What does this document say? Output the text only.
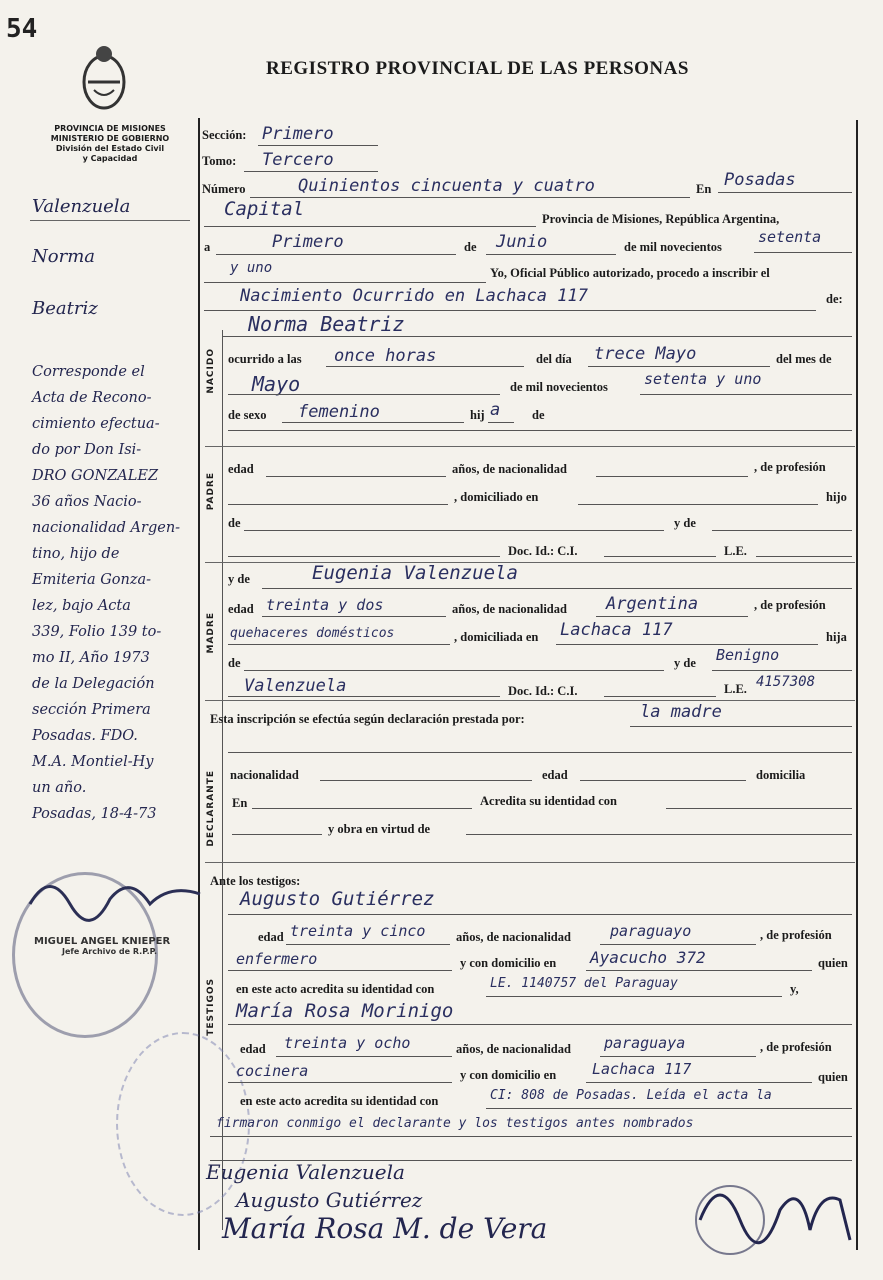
54
REGISTRO PROVINCIAL DE LAS PERSONAS
PROVINCIA DE MISIONES
MINISTERIO DE GOBIERNO
División del Estado Civil
y Capacidad
Valenzuela
Norma
Beatriz
Corresponde el
Acta de Recono-
cimiento efectua-
do por Don Isi-
DRO GONZALEZ
36 años Nacio-
nacionalidad Argen-
tino, hijo de
Emiteria Gonza-
lez, bajo Acta
339, Folio 139 to-
mo II, Año 1973
de la Delegación
sección Primera
Posadas. FDO.
M.A. Montiel-Hy
un año.
Posadas, 18-4-73
MIGUEL ANGEL KNIEPER
Jefe Archivo de R.P.P.
NACIDO
PADRE
MADRE
DECLARANTE
TESTIGOS
Sección: Primero
Tomo: Tercero
Número	Quinientos cincuenta y cuatro	En Posadas
Capital	Provincia de Misiones, República Argentina,
a	Primero	de Junio	de mil novecientos
setenta
y uno	Yo, Oficial Público autorizado, procedo a inscribir el
Nacimiento Ocurrido en Lachaca 117	de:
Norma Beatriz
ocurrido a las once horas	del día trece Mayo	del mes de
Mayo	de mil novecientos setenta y uno
de sexo femenino	hij a	de
edad	años, de nacionalidad	, de profesión
, domiciliado en	hijo
de	y de
Doc. Id.: C.I.	L.E.
y de	Eugenia Valenzuela
edad treinta y dos	años, de nacionalidad Argentina	, de profesión
quehaceres domésticos	, domiciliada en Lachaca 117	hija
de	y de Benigno
Valenzuela	Doc. Id.: C.I.	L.E. 4157308
Esta inscripción se efectúa según declaración prestada por:	la madre
nacionalidad	edad	domicilia
En	Acredita su identidad con
y obra en virtud de
Ante los testigos:
Augusto Gutiérrez
edad treinta y cinco años, de nacionalidad	paraguayo	, de profesión
enfermero	y con domicilio en Ayacucho 372	quien
en este acto acredita su identidad con	LE. 1140757 del Paraguay	y,
María Rosa Morinigo
edad treinta y ocho	años, de nacionalidad paraguaya	, de profesión
cocinera	y con domicilio en Lachaca 117	quien
en este acto acredita su identidad con	CI: 808 de Posadas. Leída el acta la
firmaron conmigo el declarante y los testigos antes nombrados
Eugenia Valenzuela
Augusto Gutiérrez
María Rosa M. de Vera
